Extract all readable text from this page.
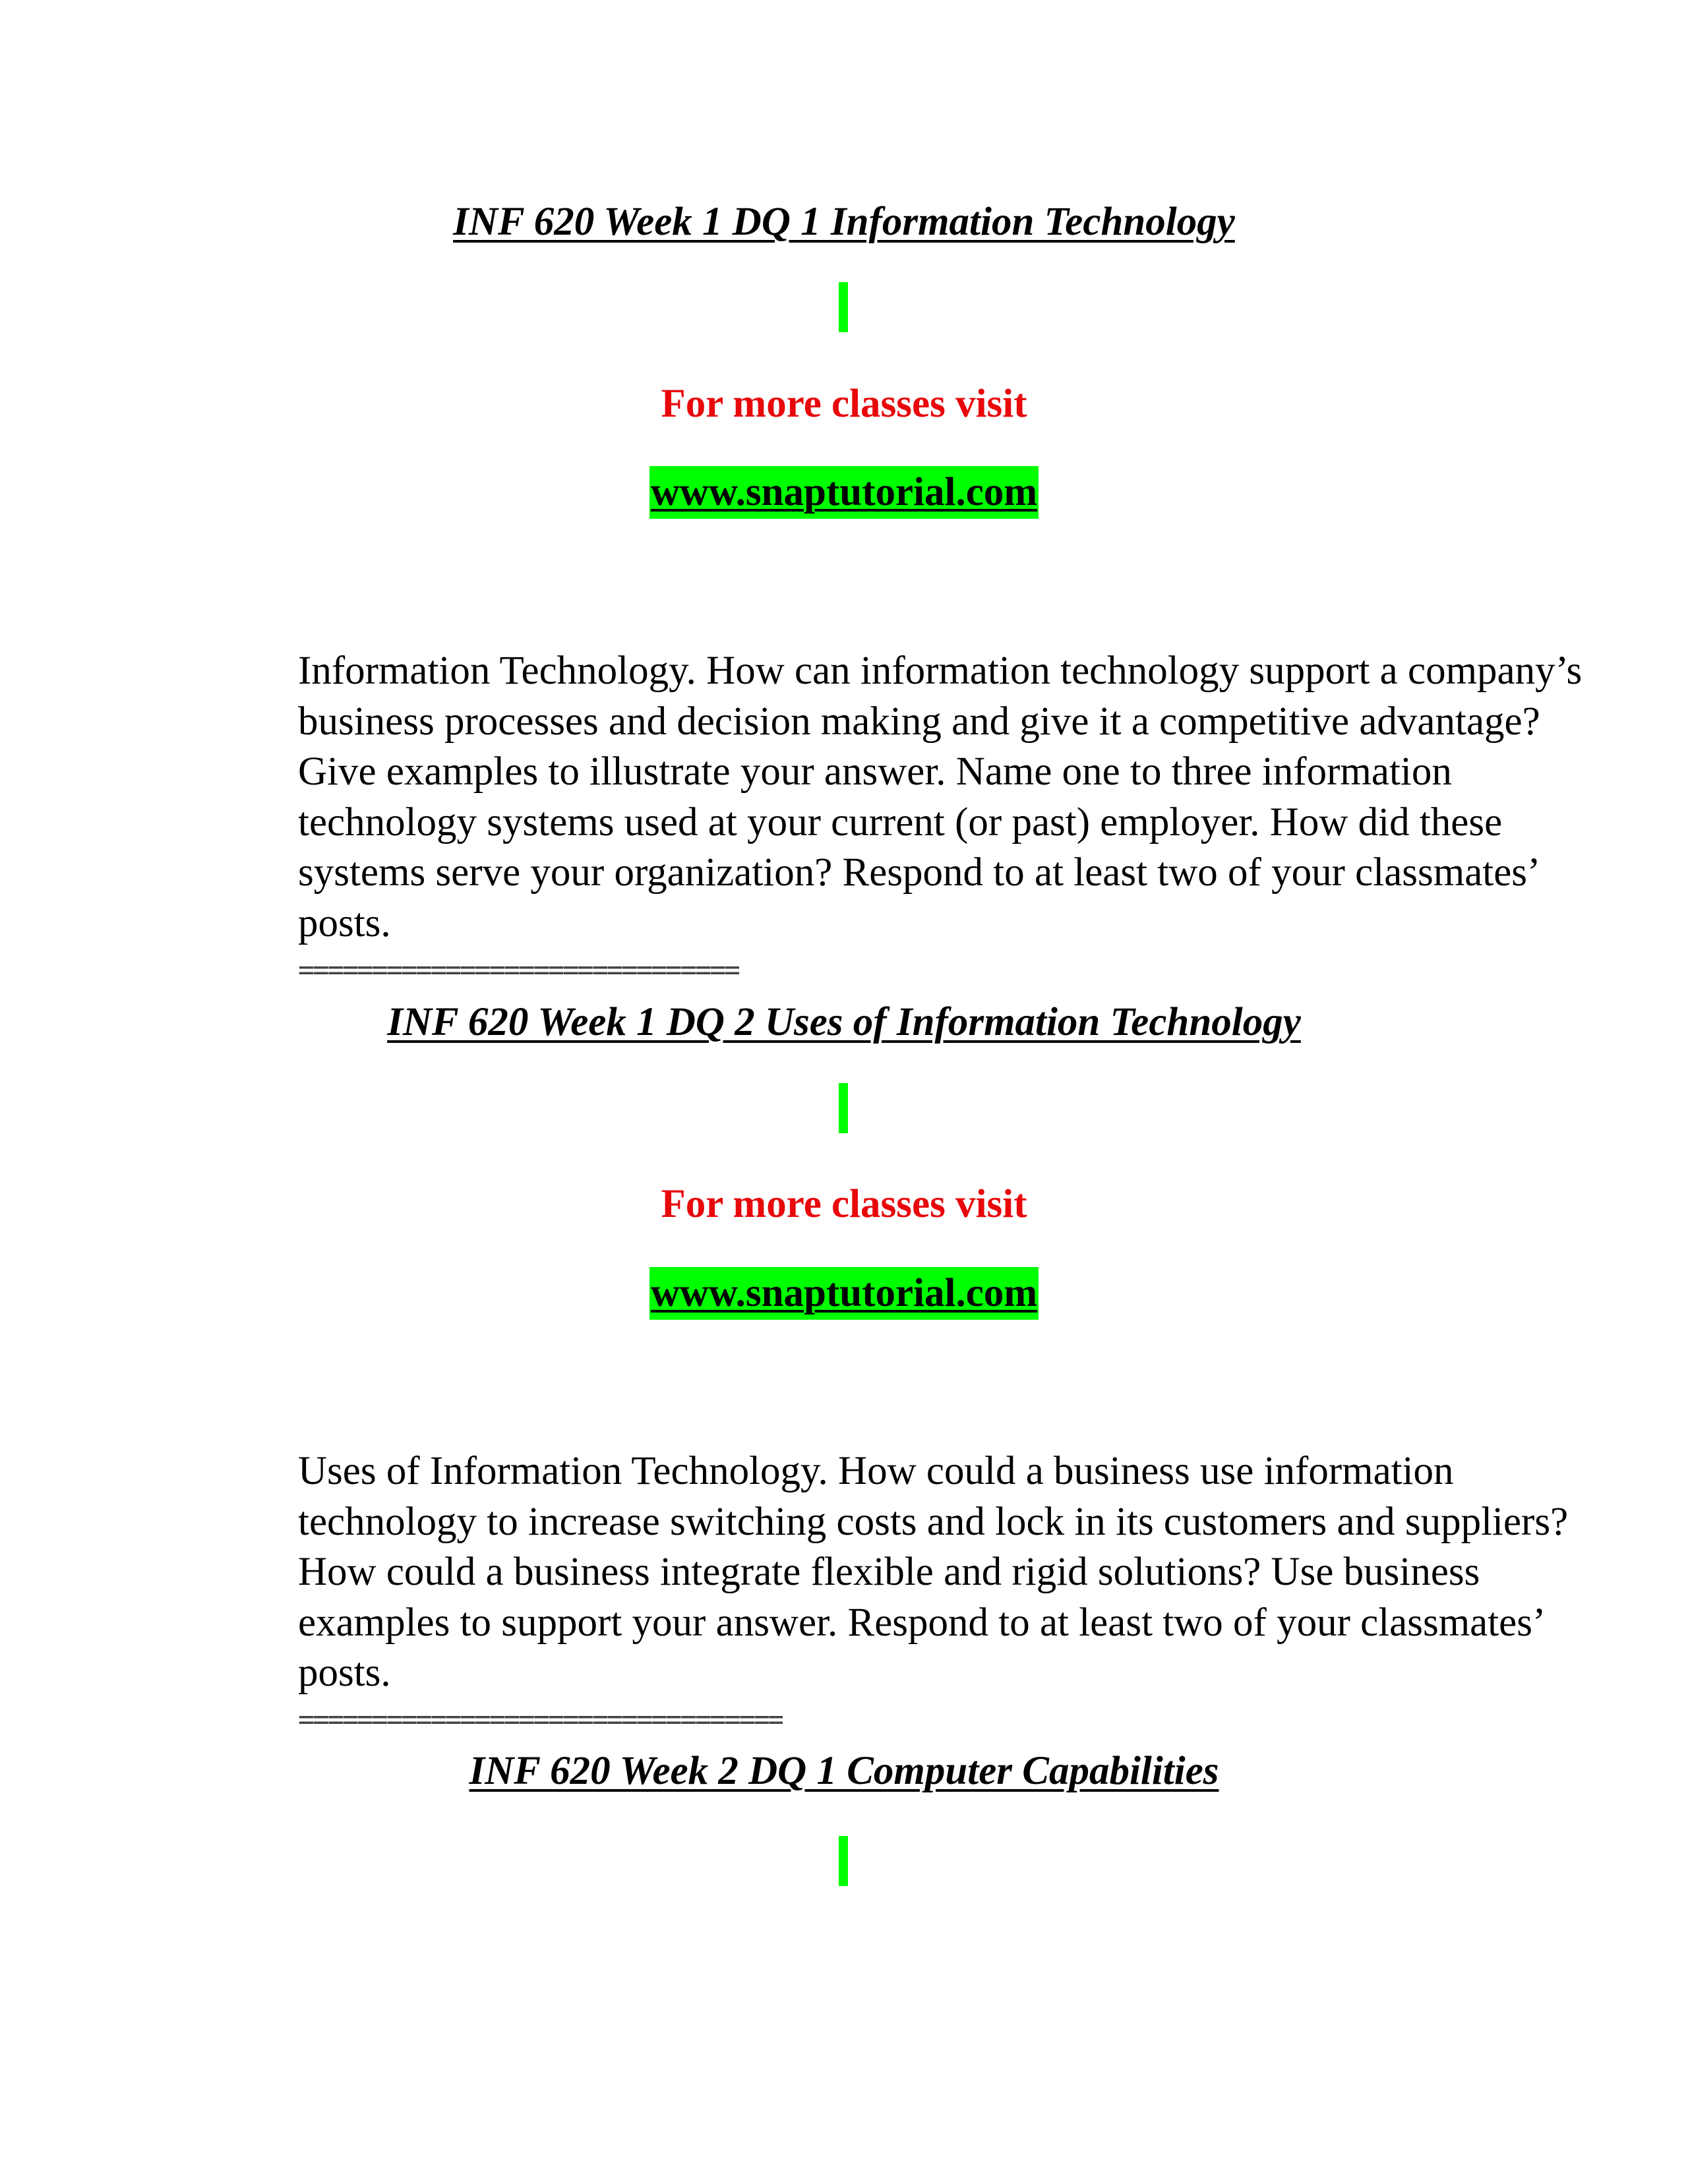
INF 620 Week 1 DQ 1 Information Technology
For more classes visit
www.snaptutorial.com

Information Technology. How can information technology support a company’s business processes and decision making and give it a competitive advantage? Give examples to illustrate your answer. Name one to three information technology systems used at your current (or past) employer. How did these systems serve your organization? Respond to at least two of your classmates’ posts.

==============================
INF 620 Week 1 DQ 2 Uses of Information Technology
For more classes visit
www.snaptutorial.com

Uses of Information Technology. How could a business use information technology to increase switching costs and lock in its customers and suppliers? How could a business integrate flexible and rigid solutions? Use business examples to support your answer. Respond to at least two of your classmates’ posts.

=================================
INF 620 Week 2 DQ 1 Computer Capabilities
